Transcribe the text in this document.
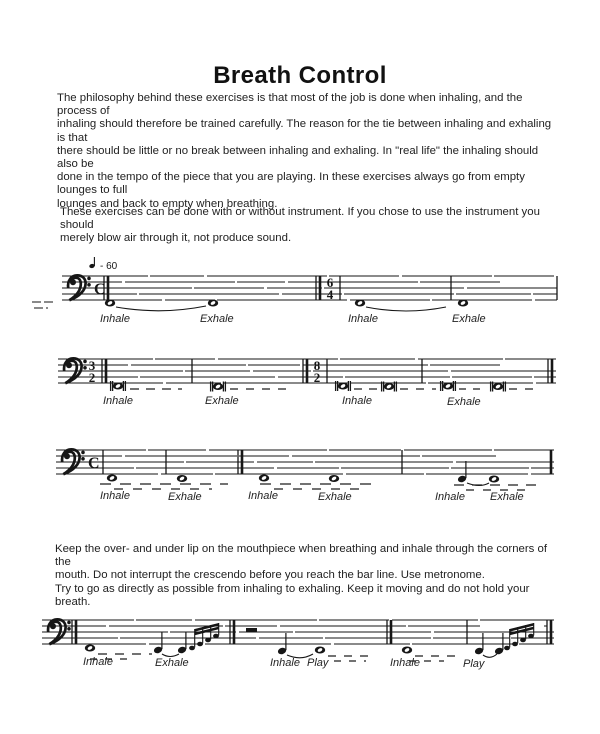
Breath Control
The philosophy behind these exercises is that most of the job is done when inhaling, and the process of
inhaling should therefore be trained carefully. The reason for the tie between inhaling and exhaling is that
there should be little or no break between inhaling and exhaling. In "real life" the inhaling should also be
done in the tempo of the piece that you are playing. In these exercises always go from empty lounges to full
lounges and back to empty when breathing.
These exercises can be done with or without instrument. If you chose to use the instrument you should
merely blow air through it, not produce sound.
- 60
C	6
4
Inhale	Exhale	Inhale	Exhale
3
2
8
2
Inhale	Exhale	Inhale	Exhale
C
Inhale	Exhale	Inhale	Exhale	Inhale Exhale
Keep the over- and under lip on the mouthpiece when breathing and inhale through the corners of the
mouth. Do not interrupt the crescendo before you reach the bar line. Use metronome.
Try to go as directly as possible from inhaling to exhaling. Keep it moving and do not hold your breath.
Inhale	Exhale	Inhale Play	Inhale	Play
